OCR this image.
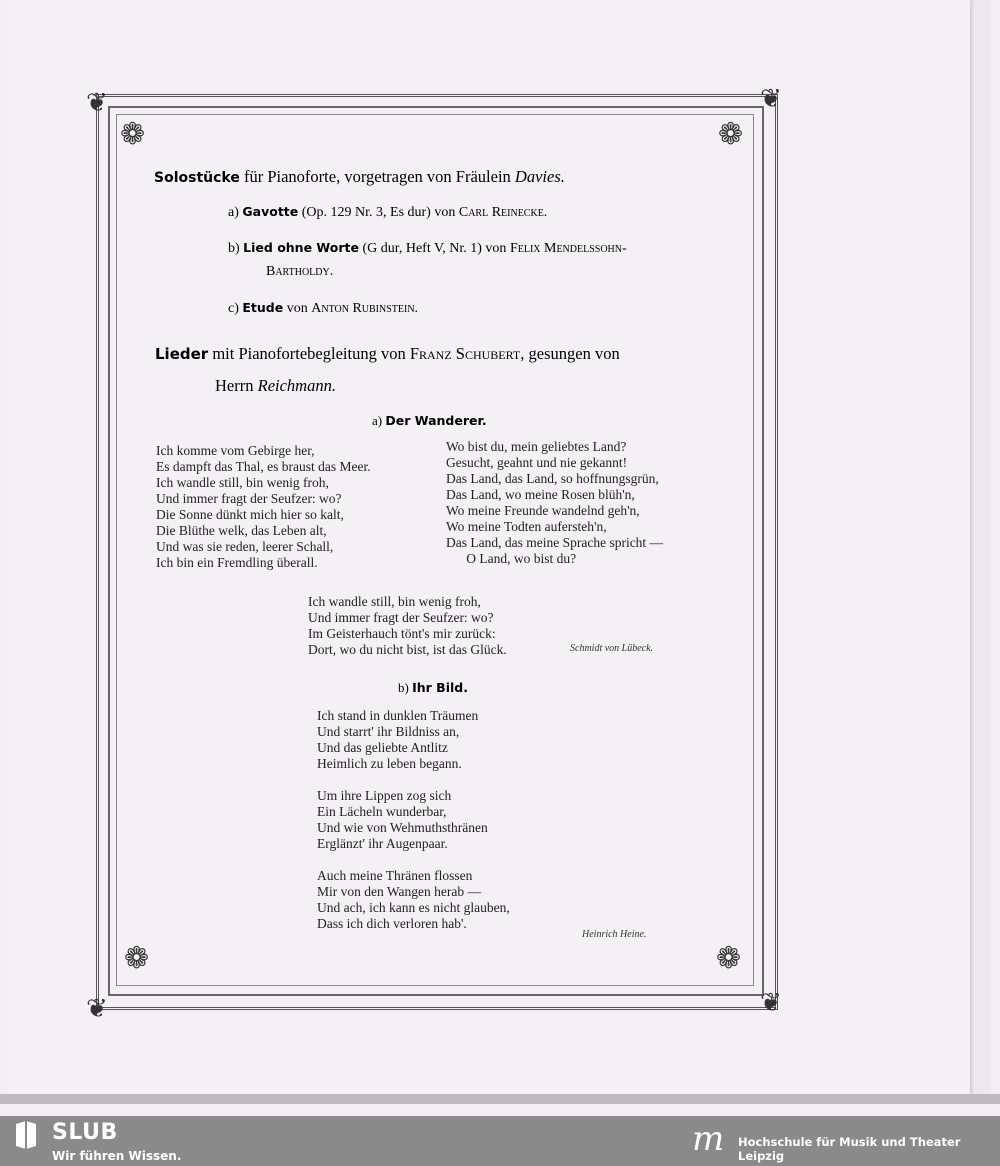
❦	❦
❦	❦
❁	❁
❁	❁
Solostücke für Pianoforte, vorgetragen von Fräulein Davies.
a) Gavotte (Op. 129 Nr. 3, Es dur) von Carl Reinecke.
b) Lied ohne Worte (G dur, Heft V, Nr. 1) von Felix Mendelssohn-
Bartholdy.
c) Etude von Anton Rubinstein.
Lieder mit Pianofortebegleitung von Franz Schubert, gesungen von
Herrn Reichmann.
a) Der Wanderer.
Ich komme vom Gebirge her,
Es dampft das Thal, es braust das Meer.
Ich wandle still, bin wenig froh,
Und immer fragt der Seufzer: wo?
Die Sonne dünkt mich hier so kalt,
Die Blüthe welk, das Leben alt,
Und was sie reden, leerer Schall,
Ich bin ein Fremdling überall.
Wo bist du, mein geliebtes Land?
Gesucht, geahnt und nie gekannt!
Das Land, das Land, so hoffnungsgrün,
Das Land, wo meine Rosen blüh'n,
Wo meine Freunde wandelnd geh'n,
Wo meine Todten aufersteh'n,
Das Land, das meine Sprache spricht —
O Land, wo bist du?
Ich wandle still, bin wenig froh,
Und immer fragt der Seufzer: wo?
Im Geisterhauch tönt's mir zurück:
Dort, wo du nicht bist, ist das Glück.	Schmidt von Lübeck.
b) Ihr Bild.
Ich stand in dunklen Träumen
Und starrt' ihr Bildniss an,
Und das geliebte Antlitz
Heimlich zu leben begann.

Um ihre Lippen zog sich
Ein Lächeln wunderbar,
Und wie von Wehmuthsthränen
Erglänzt' ihr Augenpaar.

Auch meine Thränen flossen
Mir von den Wangen herab —
Und ach, ich kann es nicht glauben,
Dass ich dich verloren hab'.
Heinrich Heine.
SLUB
Wir führen Wissen.	m	Hochschule für Musik und Theater Leipzig
